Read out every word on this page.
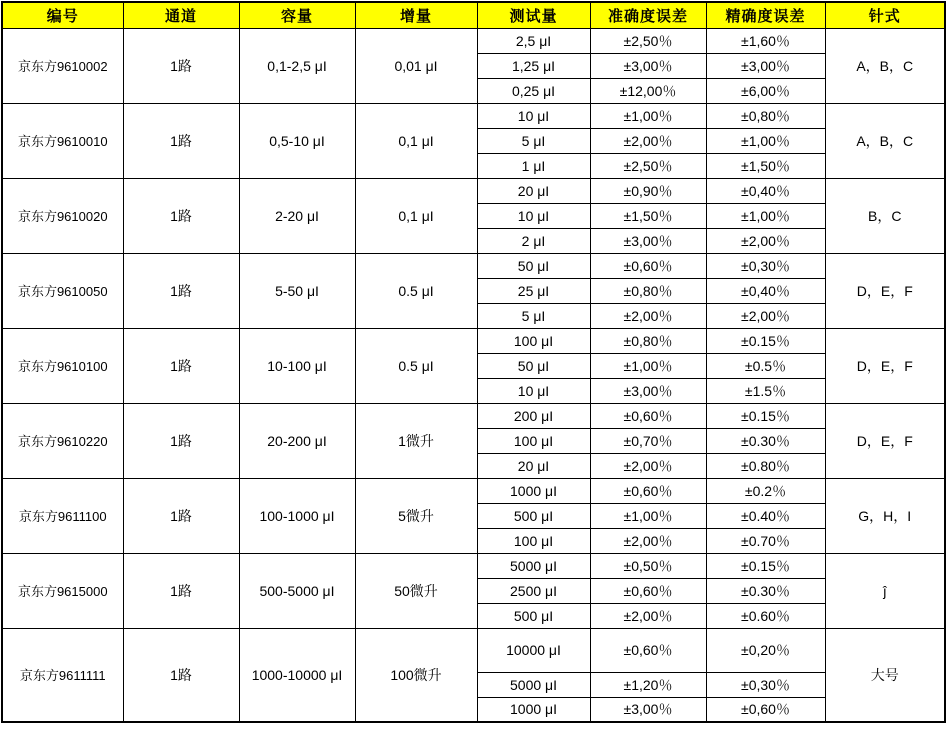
编号	通道	容量	增量	测试量	准确度误差	精确度误差	针式
京东方9610002	1路	0,1-2,5 μI	0,01 μI	2,5 μI	±2,50％	±1,60％	A，B，C
				1,25 μI	±3,00％	±3,00％	
				0,25 μI	±12,00％	±6,00％	
京东方9610010	1路	0,5-10 μI	0,1 μI	10 μI	±1,00％	±0,80％	A，B，C
				5 μI	±2,00％	±1,00％	
				1 μI	±2,50％	±1,50％	
京东方9610020	1路	2-20 μI	0,1 μI	20 μI	±0,90％	±0,40％	B，C
				10 μI	±1,50％	±1,00％	
				2 μI	±3,00％	±2,00％	
京东方9610050	1路	5-50 μI	0.5 μI	50 μI	±0,60％	±0,30％	D，E，F
				25 μI	±0,80％	±0,40％	
				5 μI	±2,00％	±2,00％	
京东方9610100	1路	10-100 μI	0.5 μI	100 μI	±0,80％	±0.15％	D，E，F
				50 μI	±1,00％	±0.5％	
				10 μI	±3,00％	±1.5％	
京东方9610220	1路	20-200 μI	1微升	200 μI	±0,60％	±0.15％	D，E，F
				100 μI	±0,70％	±0.30％	
				20 μI	±2,00％	±0.80％	
京东方9611100	1路	100-1000 μI	5微升	1000 μI	±0,60％	±0.2％	G，H，I
				500 μI	±1,00％	±0.40％	
				100 μI	±2,00％	±0.70％	
京东方9615000	1路	500-5000 μI	50微升	5000 μI	±0,50％	±0.15％	ĵ
				2500 μI	±0,60％	±0.30％	
				500 μI	±2,00％	±0.60％	
京东方9611111	1路	1000-10000 μI	100微升	10000 μI	±0,60％	±0,20％	大号
				5000 μI	±1,20％	±0,30％	
				1000 μI	±3,00％	±0,60％	
